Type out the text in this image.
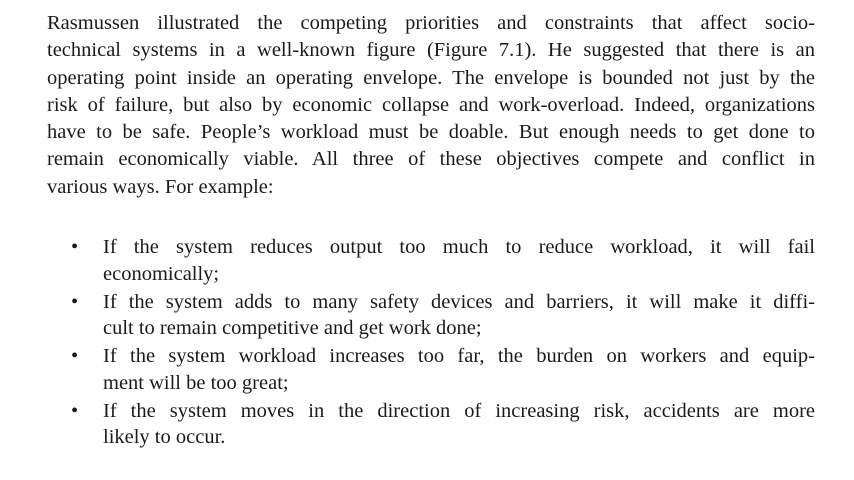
Rasmussen illustrated the competing priorities and constraints that affect socio-
technical systems in a well-known figure (Figure 7.1). He suggested that there is an
operating point inside an operating envelope. The envelope is bounded not just by the
risk of failure, but also by economic collapse and work-overload. Indeed, organizations
have to be safe. People’s workload must be doable. But enough needs to get done to
remain economically viable. All three of these objectives compete and conflict in
various ways. For example:

•	If the system reduces output too much to reduce workload, it will fail
economically;
•	If the system adds to many safety devices and barriers, it will make it diffi-
cult to remain competitive and get work done;
•	If the system workload increases too far, the burden on workers and equip-
ment will be too great;
•	If the system moves in the direction of increasing risk, accidents are more
likely to occur.
